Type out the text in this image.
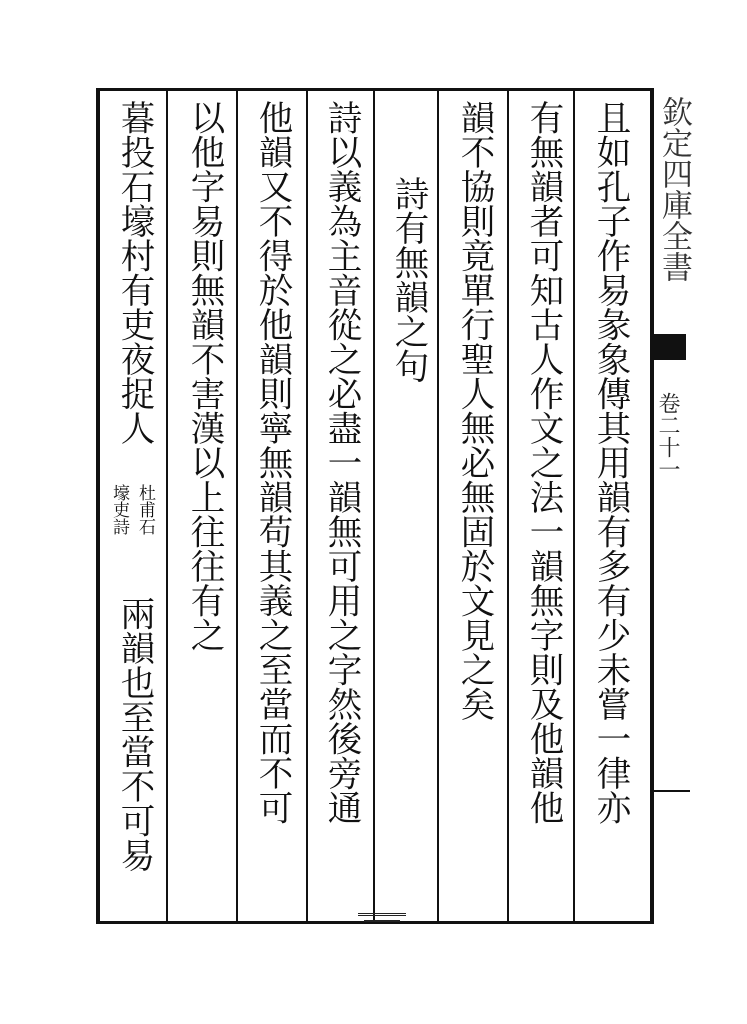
且如孔子作易彖象傳其用韻有多有少未嘗一律亦
有無韻者可知古人作文之法一韻無字則及他韻他
韻不協則竟單行聖人無必無固於文見之矣
詩有無韻之句
詩以義為主音從之必盡一韻無可用之字然後旁通
他韻又不得於他韻則寧無韻苟其義之至當而不可
以他字易則無韻不害漢以上往往有之
暮投石壕村有吏夜捉人
杜甫石
壕吏詩
兩韻也至當不可易
欽定四庫全書
卷二十一
